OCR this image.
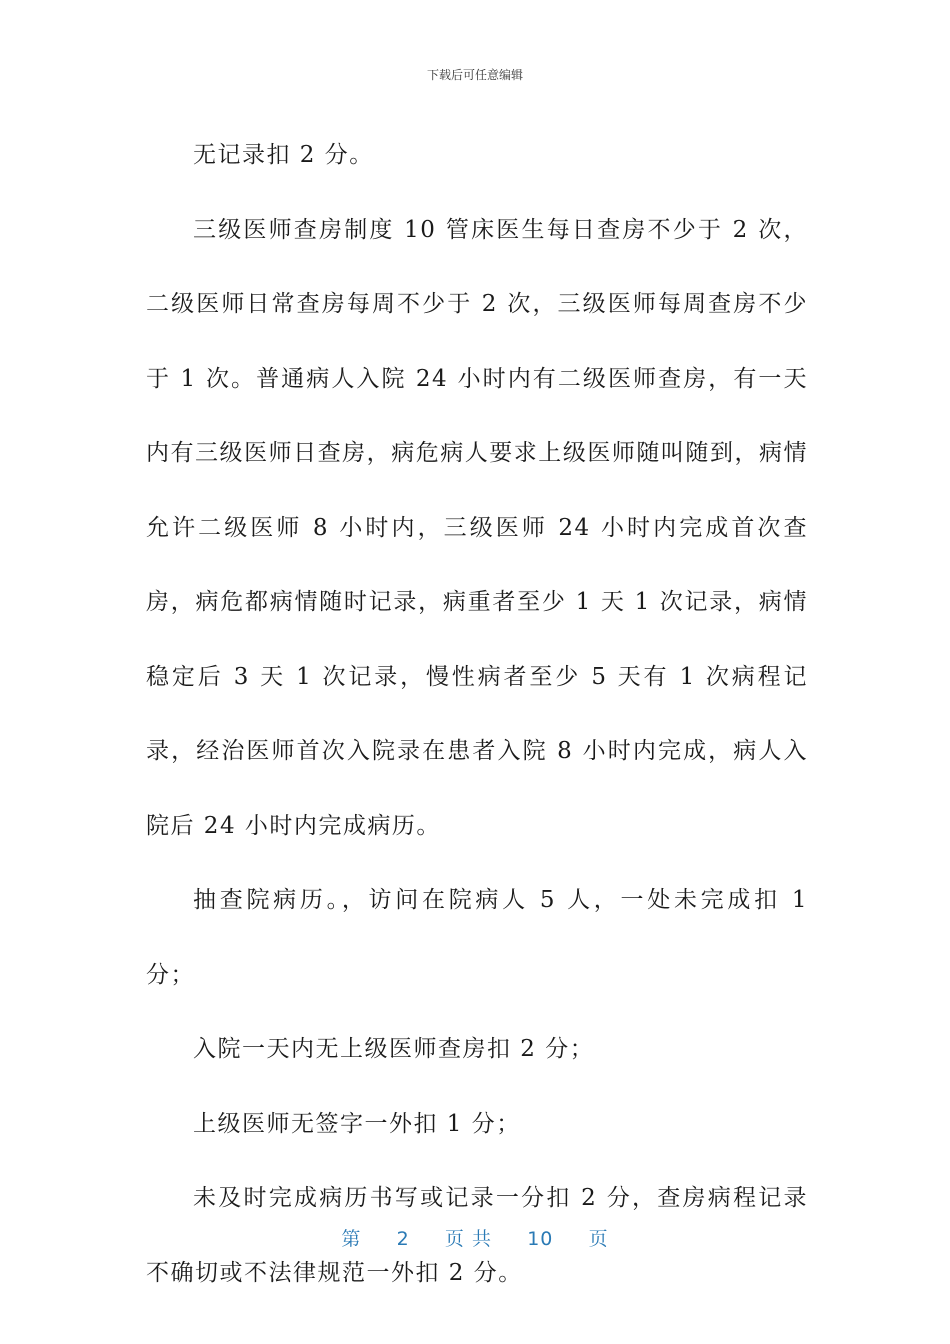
下载后可任意编辑

无记录扣 2 分。

三级医师查房制度 10 管床医生每日查房不少于 2 次，二级医师日常查房每周不少于 2 次，三级医师每周查房不少于 1 次。普通病人入院 24 小时内有二级医师查房，有一天内有三级医师日查房，病危病人要求上级医师随叫随到，病情允许二级医师 8 小时内，三级医师 24 小时内完成首次查房，病危都病情随时记录，病重者至少 1 天 1 次记录，病情稳定后 3 天 1 次记录，慢性病者至少 5 天有 1 次病程记录，经治医师首次入院录在患者入院 8 小时内完成，病人入院后 24 小时内完成病历。

抽查院病历。，访问在院病人 5 人，一处未完成扣 1 分；

入院一天内无上级医师查房扣 2 分；

上级医师无签字一外扣 1 分；

未及时完成病历书写或记录一分扣 2 分，查房病程记录不确切或不法律规范一外扣 2 分。

第 2 页 共 10 页
